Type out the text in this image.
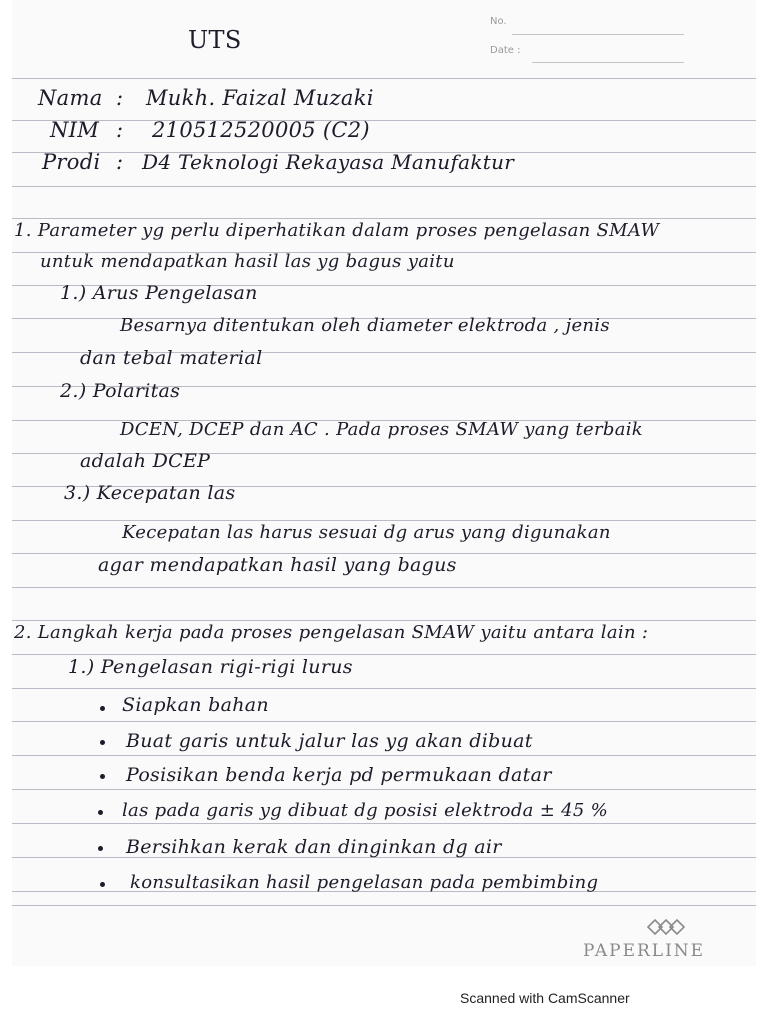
No.
Date :
UTS
Nama : Mukh. Faizal Muzaki
NIM : 210512520005 (C2)
Prodi : D4 Teknologi Rekayasa Manufaktur
1. Parameter yg perlu diperhatikan dalam proses pengelasan SMAW
untuk mendapatkan hasil las yg bagus yaitu
1.) Arus Pengelasan
Besarnya ditentukan oleh diameter elektroda , jenis
dan tebal material
2.) Polaritas
DCEN, DCEP dan AC . Pada proses SMAW yang terbaik
adalah DCEP
3.) Kecepatan las
Kecepatan las harus sesuai dg arus yang digunakan
agar mendapatkan hasil yang bagus
2. Langkah kerja pada proses pengelasan SMAW yaitu antara lain :
1.) Pengelasan rigi-rigi lurus
Siapkan bahan
Buat garis untuk jalur las yg akan dibuat
Posisikan benda kerja pd permukaan datar
las pada garis yg dibuat dg posisi elektroda ± 45 %
Bersihkan kerak dan dinginkan dg air
konsultasikan hasil pengelasan pada pembimbing
PAPERLINE
Scanned with CamScanner
